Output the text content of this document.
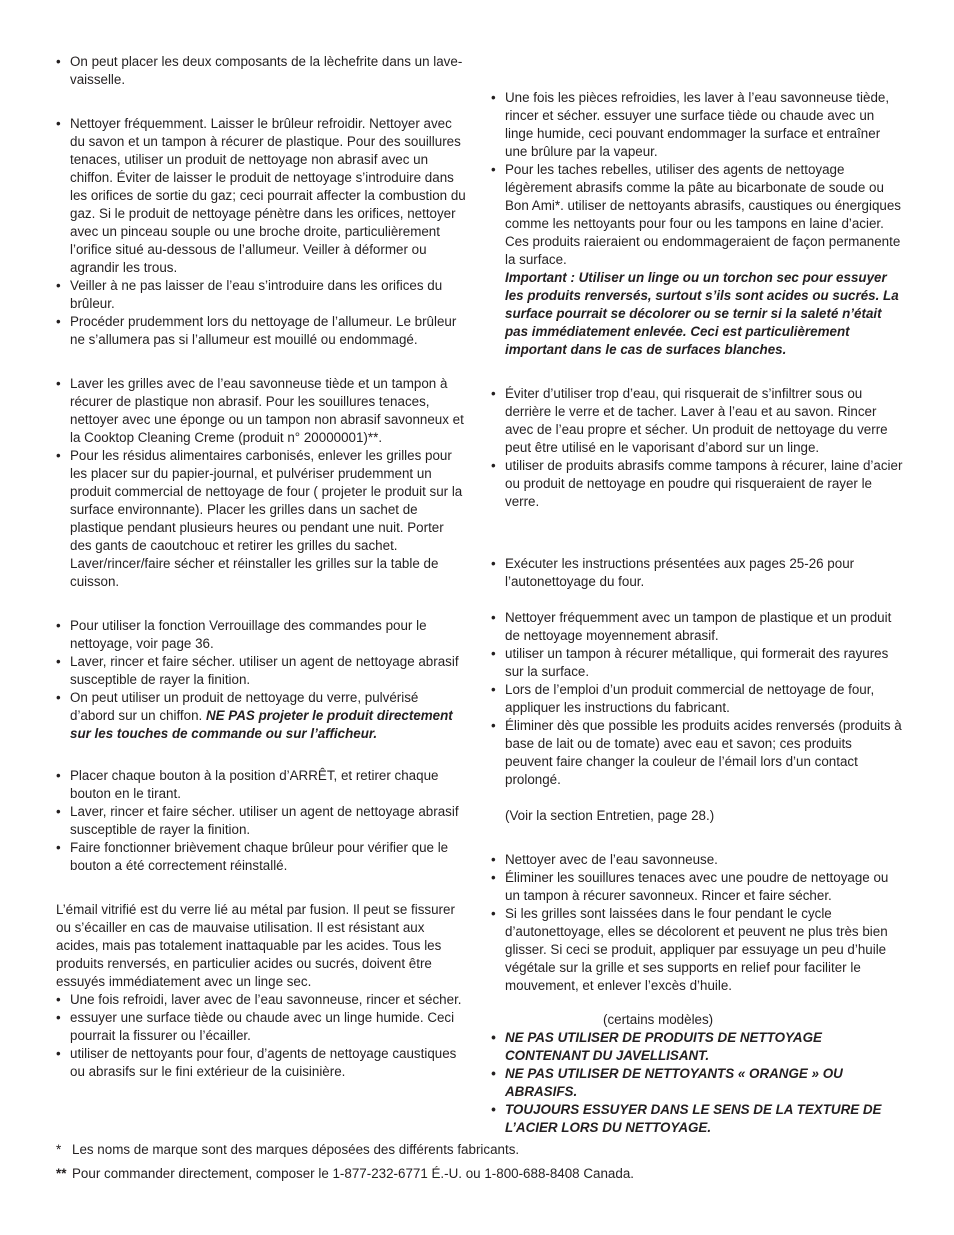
• On peut placer les deux composants de la lèchefrite dans un lave-vaisselle.
• Nettoyer fréquemment. Laisser le brûleur refroidir. Nettoyer avec du savon et un tampon à récurer de plastique. Pour des souillures tenaces, utiliser un produit de nettoyage non abrasif avec un chiffon. Éviter de laisser le produit de nettoyage s’introduire dans les orifices de sortie du gaz; ceci pourrait affecter la combustion du gaz. Si le produit de nettoyage pénètre dans les orifices, nettoyer avec un pinceau souple ou une broche droite, particulièrement l’orifice situé au-dessous de l’allumeur. Veiller à déformer ou agrandir les trous.
• Veiller à ne pas laisser de l’eau s’introduire dans les orifices du brûleur.
• Procéder prudemment lors du nettoyage de l’allumeur. Le brûleur ne s’allumera pas si l’allumeur est mouillé ou endommagé.
• Laver les grilles avec de l’eau savonneuse tiède et un tampon à récurer de plastique non abrasif. Pour les souillures tenaces, nettoyer avec une éponge ou un tampon non abrasif savonneux et la Cooktop Cleaning Creme (produit n° 20000001)**.
• Pour les résidus alimentaires carbonisés, enlever les grilles pour les placer sur du papier-journal, et pulvériser prudemment un produit commercial de nettoyage de four ( projeter le produit sur la surface environnante). Placer les grilles dans un sachet de plastique pendant plusieurs heures ou pendant une nuit. Porter des gants de caoutchouc et retirer les grilles du sachet. Laver/rincer/faire sécher et réinstaller les grilles sur la table de cuisson.
• Pour utiliser la fonction Verrouillage des commandes pour le nettoyage, voir page 36.
• Laver, rincer et faire sécher. utiliser un agent de nettoyage abrasif susceptible de rayer la finition.
• On peut utiliser un produit de nettoyage du verre, pulvérisé d’abord sur un chiffon. NE PAS projeter le produit directement sur les touches de commande ou sur l’afficheur.
• Placer chaque bouton à la position d’ARRÊT, et retirer chaque bouton en le tirant.
• Laver, rincer et faire sécher. utiliser un agent de nettoyage abrasif susceptible de rayer la finition.
• Faire fonctionner brièvement chaque brûleur pour vérifier que le bouton a été correctement réinstallé.

L’émail vitrifié est du verre lié au métal par fusion. Il peut se fissurer ou s’écailler en cas de mauvaise utilisation. Il est résistant aux acides, mais pas totalement inattaquable par les acides. Tous les produits renversés, en particulier acides ou sucrés, doivent être essuyés immédiatement avec un linge sec.

• Une fois refroidi, laver avec de l’eau savonneuse, rincer et sécher.
• essuyer une surface tiède ou chaude avec un linge humide. Ceci pourrait la fissurer ou l’écailler.
• utiliser de nettoyants pour four, d’agents de nettoyage caustiques ou abrasifs sur le fini extérieur de la cuisinière.
• Une fois les pièces refroidies, les laver à l’eau savonneuse tiède, rincer et sécher. essuyer une surface tiède ou chaude avec un linge humide, ceci pouvant endommager la surface et entraîner une brûlure par la vapeur.
• Pour les taches rebelles, utiliser des agents de nettoyage légèrement abrasifs comme la pâte au bicarbonate de soude ou Bon Ami*. utiliser de nettoyants abrasifs, caustiques ou énergiques comme les nettoyants pour four ou les tampons en laine d’acier. Ces produits raieraient ou endommageraient de façon permanente la surface.
Important : Utiliser un linge ou un torchon sec pour essuyer les produits renversés, surtout s’ils sont acides ou sucrés. La surface pourrait se décolorer ou se ternir si la saleté n’était pas immédiatement enlevée. Ceci est particulièrement important dans le cas de surfaces blanches.
• Éviter d’utiliser trop d’eau, qui risquerait de s’infiltrer sous ou derrière le verre et de tacher. Laver à l’eau et au savon. Rincer avec de l’eau propre et sécher. Un produit de nettoyage du verre peut être utilisé en le vaporisant d’abord sur un linge.
• utiliser de produits abrasifs comme tampons à récurer, laine d’acier ou produit de nettoyage en poudre qui risqueraient de rayer le verre.
• Exécuter les instructions présentées aux pages 25-26 pour l’autonettoyage du four.
• Nettoyer fréquemment avec un tampon de plastique et un produit de nettoyage moyennement abrasif.
• utiliser un tampon à récurer métallique, qui formerait des rayures sur la surface.
• Lors de l’emploi d’un produit commercial de nettoyage de four, appliquer les instructions du fabricant.
• Éliminer dès que possible les produits acides renversés (produits à base de lait ou de tomate) avec eau et savon; ces produits peuvent faire changer la couleur de l’émail lors d’un contact prolongé.

(Voir la section Entretien, page 28.)

• Nettoyer avec de l’eau savonneuse.
• Éliminer les souillures tenaces avec une poudre de nettoyage ou un tampon à récurer savonneux. Rincer et faire sécher.
• Si les grilles sont laissées dans le four pendant le cycle d’autonettoyage, elles se décolorent et peuvent ne plus très bien glisser. Si ceci se produit, appliquer par essuyage un peu d’huile végétale sur la grille et ses supports en relief pour faciliter le mouvement, et enlever l’excès d’huile.

(certains modèles)

• NE PAS UTILISER DE PRODUITS DE NETTOYAGE CONTENANT DU JAVELLISANT.
• NE PAS UTILISER DE NETTOYANTS « ORANGE » OU ABRASIFS.
• TOUJOURS ESSUYER DANS LE SENS DE LA TEXTURE DE L’ACIER LORS DU NETTOYAGE.

* Les noms de marque sont des marques déposées des différents fabricants.

** Pour commander directement, composer le 1-877-232-6771 É.-U. ou 1-800-688-8408 Canada.
